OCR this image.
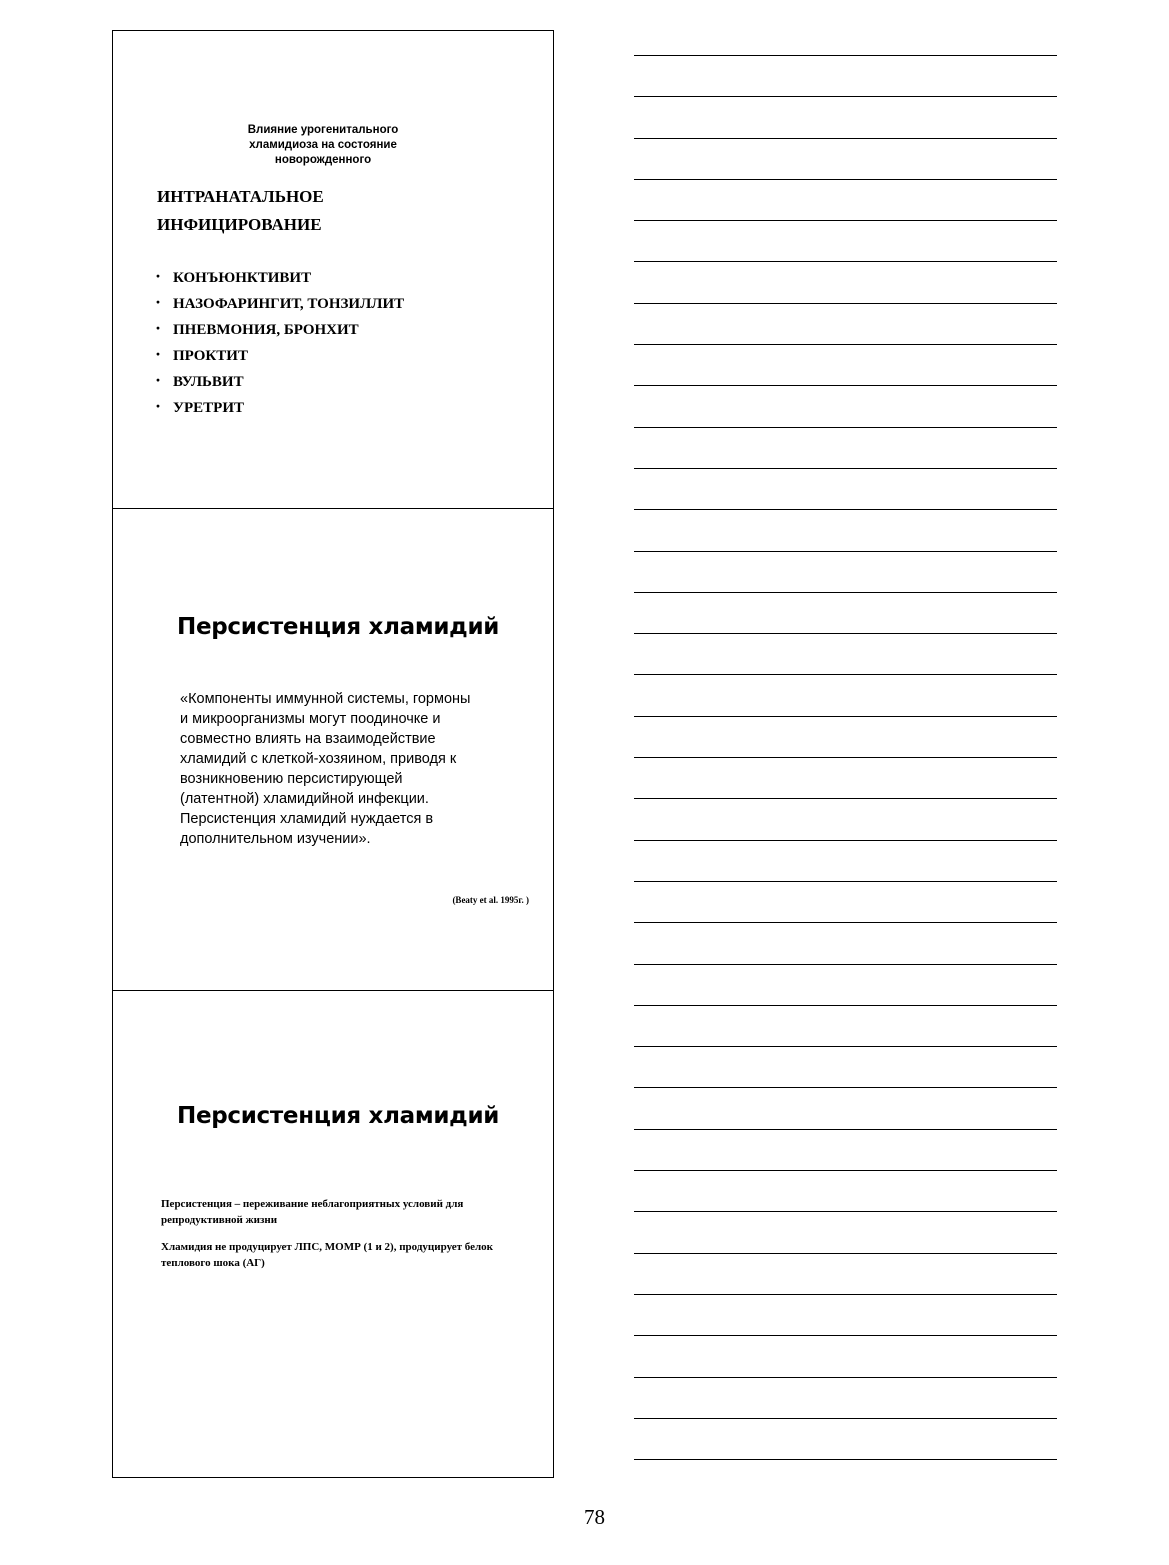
Влияние урогенитального хламидиоза на состояние новорожденного
ИНТРАНАТАЛЬНОЕ
ИНФИЦИРОВАНИЕ
· КОНЪЮНКТИВИТ
· НАЗОФАРИНГИТ, ТОНЗИЛЛИТ
· ПНЕВМОНИЯ, БРОНХИТ
· ПРОКТИТ
· ВУЛЬВИТ
· УРЕТРИТ
Персистенция хламидий
«Компоненты иммунной системы, гормоны
и микроорганизмы могут поодиночке и
совместно влиять на взаимодействие
хламидий с клеткой-хозяином, приводя к
возникновению персистирующей
(латентной) хламидийной инфекции.
Персистенция хламидий нуждается в
дополнительном изучении».
(Beaty et al. 1995г. )
Персистенция хламидий
Персистенция – переживание неблагоприятных условий для репродуктивной жизни
Хламидия не продуцирует ЛПС, МОМР (1 и 2), продуцирует белок теплового шока (АГ)
78
